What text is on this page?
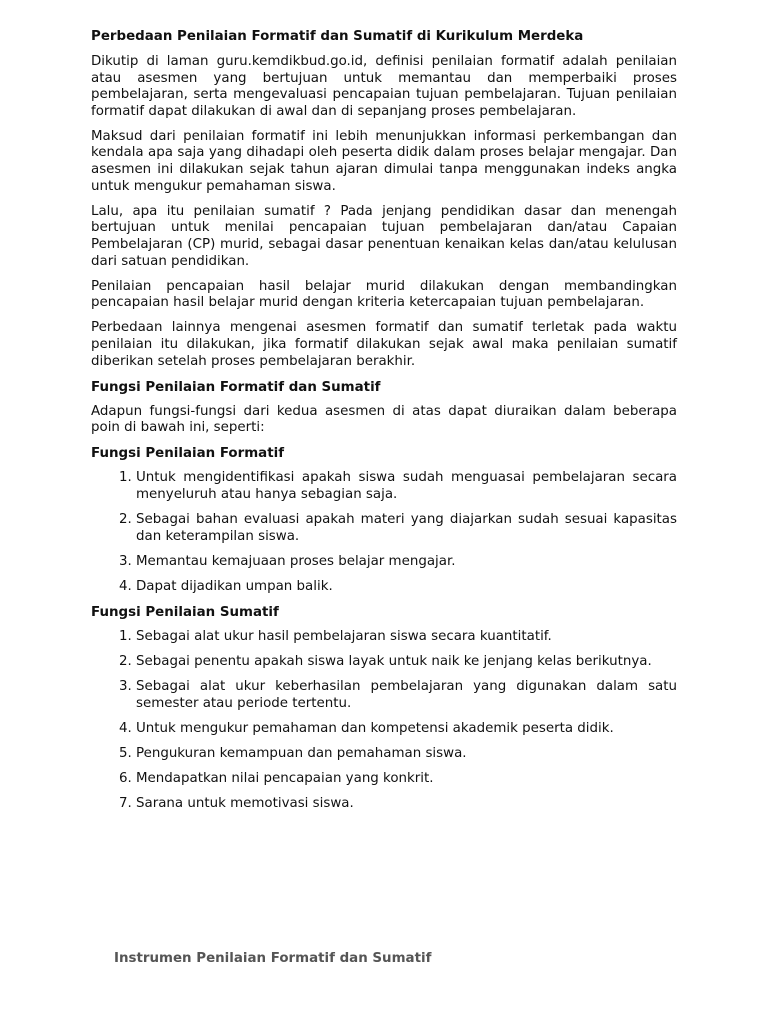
Perbedaan Penilaian Formatif dan Sumatif di Kurikulum Merdeka

Dikutip di laman guru.kemdikbud.go.id, definisi penilaian formatif adalah penilaian atau asesmen yang bertujuan untuk memantau dan memperbaiki proses pembelajaran, serta mengevaluasi pencapaian tujuan pembelajaran. Tujuan penilaian formatif dapat dilakukan di awal dan di sepanjang proses pembelajaran.

Maksud dari penilaian formatif ini lebih menunjukkan informasi perkembangan dan kendala apa saja yang dihadapi oleh peserta didik dalam proses belajar mengajar. Dan asesmen ini dilakukan sejak tahun ajaran dimulai tanpa menggunakan indeks angka untuk mengukur pemahaman siswa.

Lalu, apa itu penilaian sumatif ? Pada jenjang pendidikan dasar dan menengah bertujuan untuk menilai pencapaian tujuan pembelajaran dan/atau Capaian Pembelajaran (CP) murid, sebagai dasar penentuan kenaikan kelas dan/atau kelulusan dari satuan pendidikan.

Penilaian pencapaian hasil belajar murid dilakukan dengan membandingkan pencapaian hasil belajar murid dengan kriteria ketercapaian tujuan pembelajaran.

Perbedaan lainnya mengenai asesmen formatif dan sumatif terletak pada waktu penilaian itu dilakukan, jika formatif dilakukan sejak awal maka penilaian sumatif diberikan setelah proses pembelajaran berakhir.

Fungsi Penilaian Formatif dan Sumatif

Adapun fungsi-fungsi dari kedua asesmen di atas dapat diuraikan dalam beberapa poin di bawah ini, seperti:

Fungsi Penilaian Formatif
1. Untuk mengidentifikasi apakah siswa sudah menguasai pembelajaran secara menyeluruh atau hanya sebagian saja.
2. Sebagai bahan evaluasi apakah materi yang diajarkan sudah sesuai kapasitas dan keterampilan siswa.
3. Memantau kemajuaan proses belajar mengajar.
4. Dapat dijadikan umpan balik.
Fungsi Penilaian Sumatif
1. Sebagai alat ukur hasil pembelajaran siswa secara kuantitatif.
2. Sebagai penentu apakah siswa layak untuk naik ke jenjang kelas berikutnya.
3. Sebagai alat ukur keberhasilan pembelajaran yang digunakan dalam satu semester atau periode tertentu.
4. Untuk mengukur pemahaman dan kompetensi akademik peserta didik.
5. Pengukuran kemampuan dan pemahaman siswa.
6. Mendapatkan nilai pencapaian yang konkrit.
7. Sarana untuk memotivasi siswa.
Instrumen Penilaian Formatif dan Sumatif
